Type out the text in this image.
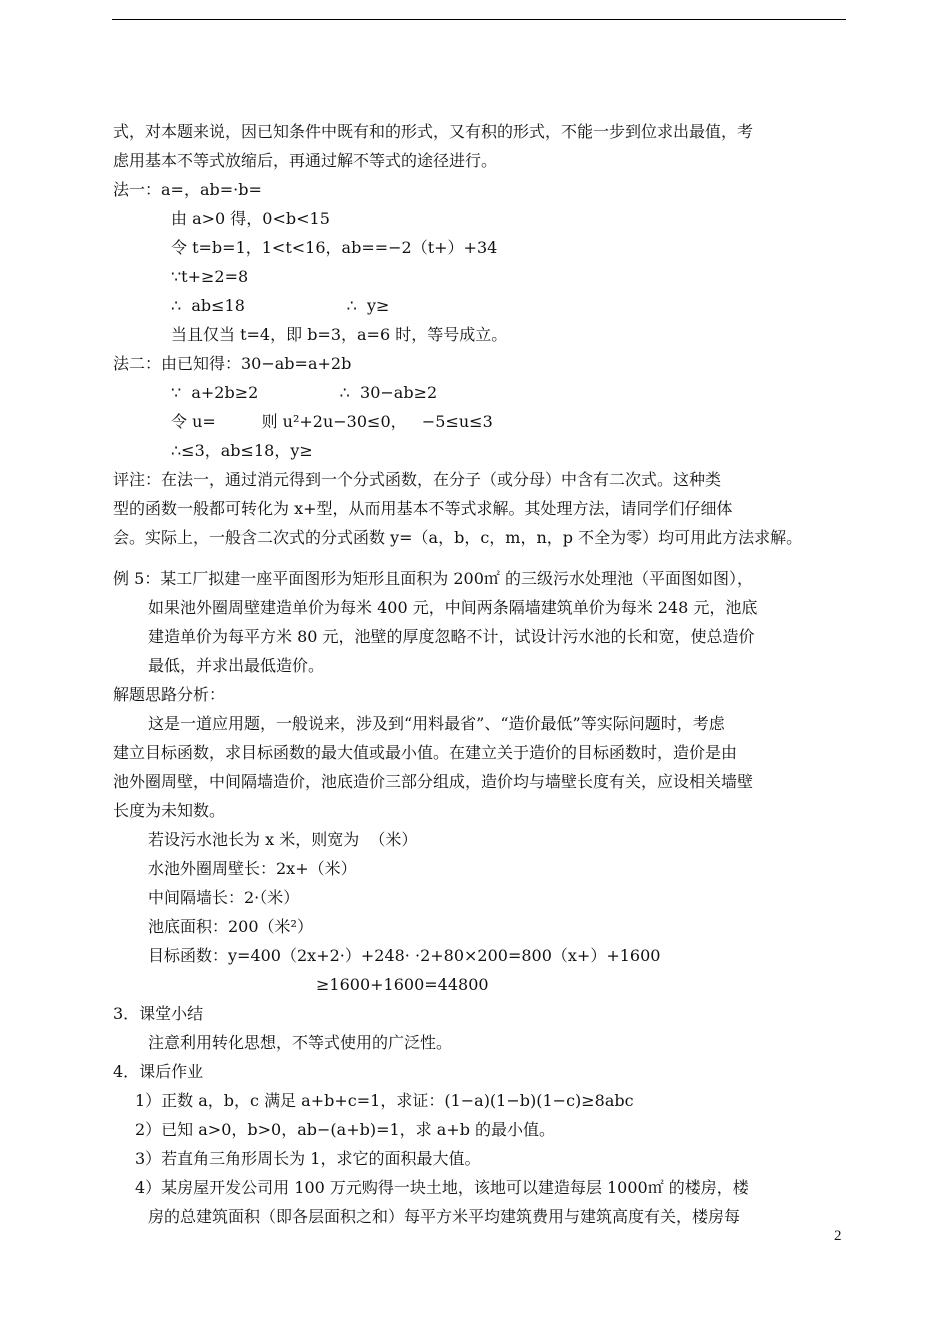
式，对本题来说，因已知条件中既有和的形式，又有积的形式，不能一步到位求出最值，考
虑用基本不等式放缩后，再通过解不等式的途径进行。
法一：a=，ab=·b=
由 a>0 得，0<b<15
令 t=b=1，1<t<16，ab==−2（t+）+34
∵t+≥2=8
∴  ab≤18                    ∴  y≥
当且仅当 t=4，即 b=3，a=6 时，等号成立。
法二：由已知得：30−ab=a+2b
∵  a+2b≥2                ∴  30−ab≥2
令 u=         则 u²+2u−30≤0，   −5≤u≤3
∴≤3，ab≤18，y≥
评注：在法一，通过消元得到一个分式函数，在分子（或分母）中含有二次式。这种类
型的函数一般都可转化为 x+型，从而用基本不等式求解。其处理方法，请同学们仔细体
会。实际上，一般含二次式的分式函数 y=（a，b，c，m，n，p 不全为零）均可用此方法求解。
例 5：某工厂拟建一座平面图形为矩形且面积为 200㎡ 的三级污水处理池（平面图如图），
如果池外圈周壁建造单价为每米 400 元，中间两条隔墙建筑单价为每米 248 元，池底
建造单价为每平方米 80 元，池壁的厚度忽略不计，试设计污水池的长和宽，使总造价
最低，并求出最低造价。
解题思路分析：
这是一道应用题，一般说来，涉及到“用料最省”、“造价最低”等实际问题时，考虑
建立目标函数，求目标函数的最大值或最小值。在建立关于造价的目标函数时，造价是由
池外圈周壁，中间隔墙造价，池底造价三部分组成，造价均与墙壁长度有关，应设相关墙壁
长度为未知数。
若设污水池长为 x 米，则宽为  （米）
水池外圈周壁长：2x+（米）
中间隔墙长：2·（米）
池底面积：200（米²）
目标函数：y=400（2x+2·）+248· ·2+80×200=800（x+）+1600
≥1600+1600=44800
3．课堂小结
注意利用转化思想，不等式使用的广泛性。
4．课后作业
1）正数 a，b，c 满足 a+b+c=1，求证：(1−a)(1−b)(1−c)≥8abc
2）已知 a>0，b>0，ab−(a+b)=1，求 a+b 的最小值。
3）若直角三角形周长为 1，求它的面积最大值。
4）某房屋开发公司用 100 万元购得一块土地，该地可以建造每层 1000㎡ 的楼房，楼
房的总建筑面积（即各层面积之和）每平方米平均建筑费用与建筑高度有关，楼房每
2
